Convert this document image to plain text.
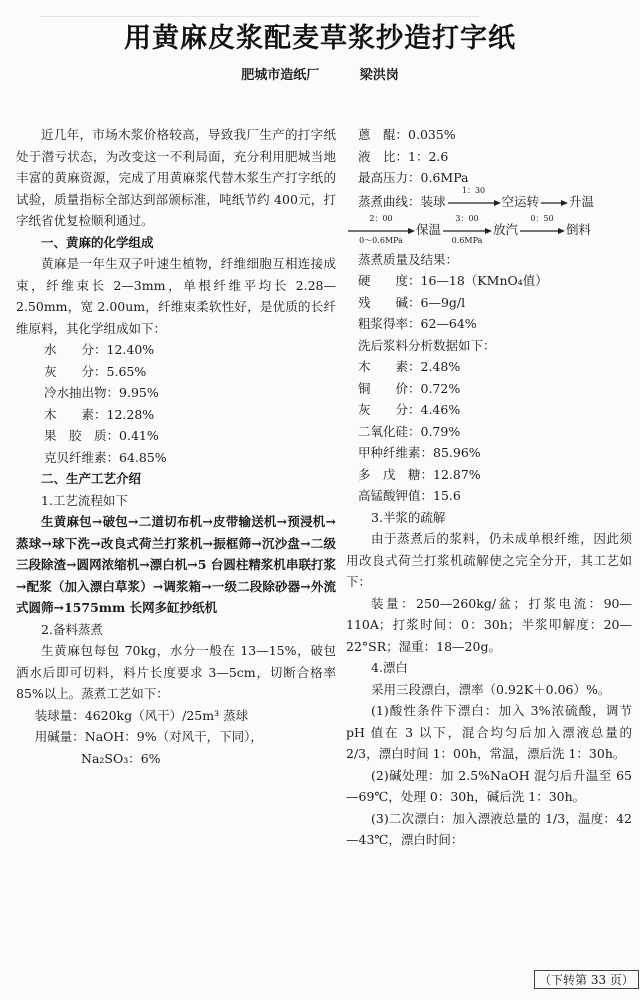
用黄麻皮浆配麦草浆抄造打字纸
肥城市造纸厂	梁洪岗

近几年，市场木浆价格较高，导致我厂生产的打字纸处于潜亏状态，为改变这一不利局面，充分利用肥城当地丰富的黄麻资源，完成了用黄麻浆代替木浆生产打字纸的试验，质量指标全部达到部颁标准，吨纸节约 400元，打字纸省优复检顺利通过。

一、黄麻的化学组成

黄麻是一年生双子叶速生植物，纤维细胞互相连接成束，纤维束长 2—3mm，单根纤维平均长 2.28—2.50mm，宽 2.00um，纤维束柔软性好，是优质的长纤维原料，其化学组成如下：

水　　分：12.40%
灰　　分：5.65%
冷水抽出物：9.95%
木　　素：12.28%
果　胶　质：0.41%
克贝纤维素：64.85%
二、生产工艺介绍
1.工艺流程如下

生黄麻包→破包→二道切布机→皮带输送机→预浸机→蒸球→球下洗→改良式荷兰打浆机→振框筛→沉沙盘→二级三段除渣→圆网浓缩机→漂白机→5 台圆柱精浆机串联打浆→配浆（加入漂白草浆）→调浆箱→一级二段除砂器→外流式圆筛→1575mm 长网多缸抄纸机

2.备料蒸煮

生黄麻包每包 70kg，水分一般在 13—15%，破包洒水后即可切料，料片长度要求 3—5cm，切断合格率 85%以上。蒸煮工艺如下：

装球量：4620kg（风干）/25m³ 蒸球
用碱量：NaOH：9%（对风干，下同），
Na₂SO₃：6%
蒽　醌：0.035%
液　比：1：2.6
最高压力：0.6MPa
蒸煮曲线：装球
1：30
空运转 升温
2：00
0～0.6MPa
保温
3：00
0.6MPa
放汽
0：50
倒料
蒸煮质量及结果：
硬　　度：16—18（KMnO₄值）
残　　碱：6—9g/l
粗浆得率：62—64%
洗后浆料分析数据如下：
木　　素：2.48%
铜　　价：0.72%
灰　　分：4.46%
二氧化硅：0.79%
甲种纤维素：85.96%
多　戊　糖：12.87%
高锰酸钾值：15.6
3.半浆的疏解

由于蒸煮后的浆料，仍未成单根纤维，因此须用改良式荷兰打浆机疏解使之完全分开，其工艺如下：

装量：250—260kg/盆；打浆电流：90—110A；打浆时间：0：30h；半浆叩解度：20—22°SR；湿重：18—20g。

4.漂白

采用三段漂白，漂率（0.92K＋0.06）%。

(1)酸性条件下漂白：加入 3%浓硫酸，调节 pH 值在 3 以下，混合均匀后加入漂液总量的 2/3，漂白时间 1：00h，常温，漂后洗 1：30h。

(2)碱处理：加 2.5%NaOH 混匀后升温至 65—69℃，处理 0：30h，碱后洗 1：30h。

(3)二次漂白：加入漂液总量的 1/3，温度：42—43℃，漂白时间：

（下转第 33 页）
